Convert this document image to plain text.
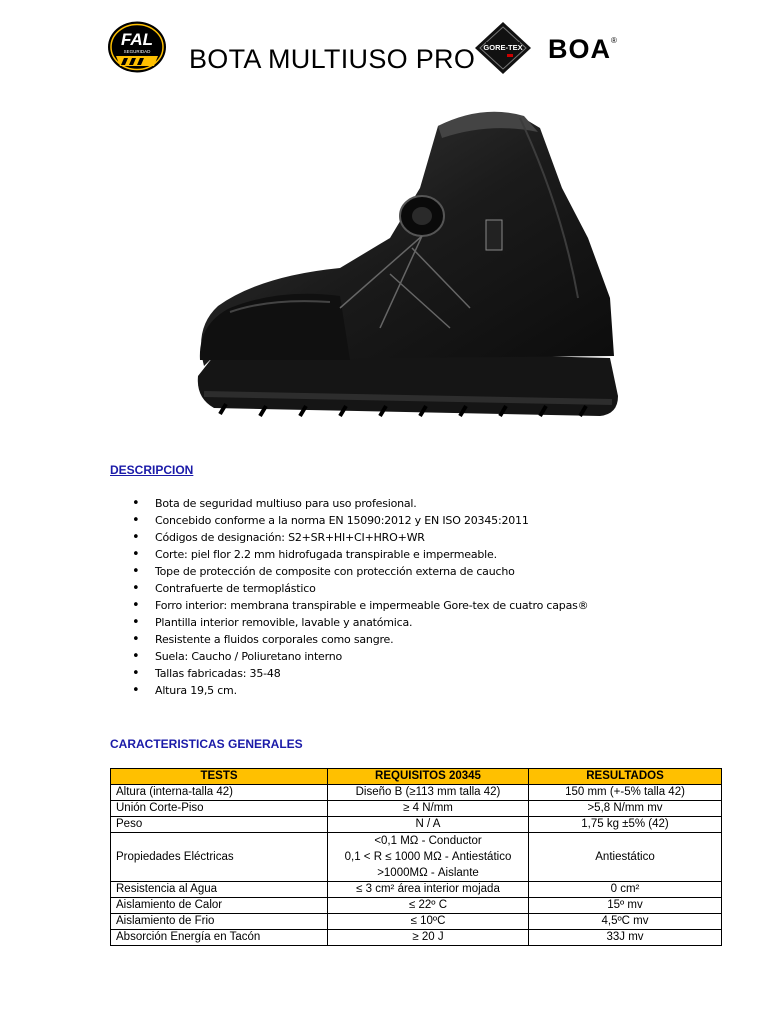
FAL
SEGURIDAD BOTA MULTIUSO PRO GORE-TEX BOA®
DESCRIPCION
• Bota de seguridad multiuso para uso profesional.
• Concebido conforme a la norma EN 15090:2012 y EN ISO 20345:2011
• Códigos de designación: S2+SR+HI+CI+HRO+WR
• Corte: piel flor 2.2 mm hidrofugada transpirable e impermeable.
• Tope de protección de composite con protección externa de caucho
• Contrafuerte de termoplástico
• Forro interior: membrana transpirable e impermeable Gore-tex de cuatro capas®
• Plantilla interior removible, lavable y anatómica.
• Resistente a fluidos corporales como sangre.
• Suela: Caucho / Poliuretano interno
• Tallas fabricadas: 35-48
• Altura 19,5 cm.
CARACTERISTICAS GENERALES
TESTS	REQUISITOS 20345	RESULTADOS
Altura (interna-talla 42)	Diseño B (≥113 mm talla 42)	150 mm (+-5% talla 42)
Unión Corte-Piso	≥ 4 N/mm	>5,8 N/mm mv
Peso	N / A	1,75 kg ±5% (42)
Propiedades Eléctricas	<0,1 MΩ - Conductor
0,1 < R ≤ 1000 MΩ - Antiestático
>1000MΩ - Aislante	Antiestático
Resistencia al Agua	≤ 3 cm² área interior mojada	0 cm²
Aislamiento de Calor	≤ 22º C	15º mv
Aislamiento de Frio	≤ 10ºC	4,5ºC mv
Absorción Energía en Tacón	≥ 20 J	33J mv
